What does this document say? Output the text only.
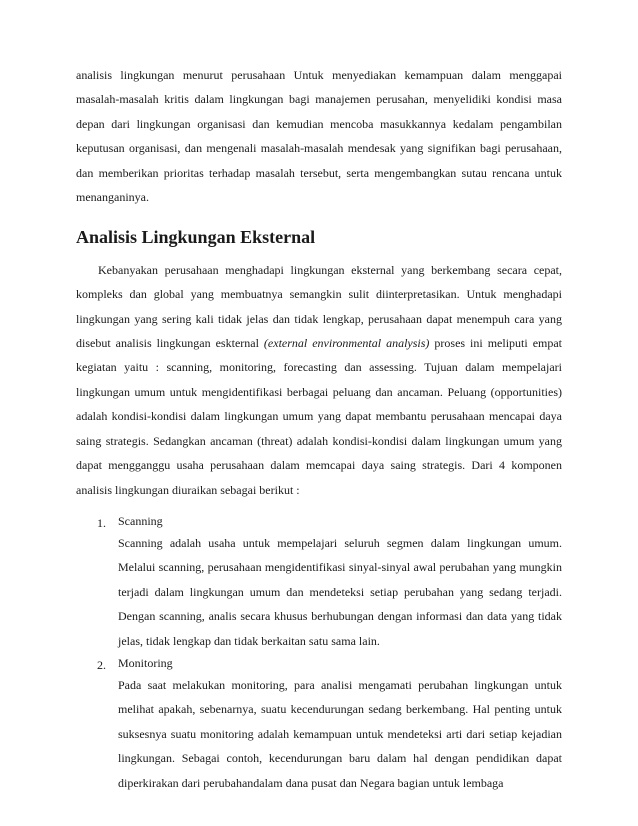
analisis lingkungan menurut perusahaan Untuk menyediakan kemampuan dalam menggapai masalah-masalah kritis dalam lingkungan bagi manajemen perusahan, menyelidiki kondisi masa depan dari lingkungan organisasi dan kemudian mencoba masukkannya kedalam pengambilan keputusan organisasi, dan mengenali masalah-masalah mendesak yang signifikan bagi perusahaan, dan memberikan prioritas terhadap masalah tersebut, serta mengembangkan sutau rencana untuk menanganinya.

Analisis Lingkungan Eksternal

Kebanyakan perusahaan menghadapi lingkungan eksternal yang berkembang secara cepat, kompleks dan global yang membuatnya semangkin sulit diinterpretasikan. Untuk menghadapi lingkungan yang sering kali tidak jelas dan tidak lengkap, perusahaan dapat menempuh cara yang disebut analisis lingkungan eskternal (external environmental analysis) proses ini meliputi empat kegiatan yaitu : scanning, monitoring, forecasting dan assessing. Tujuan dalam mempelajari lingkungan umum untuk mengidentifikasi berbagai peluang dan ancaman. Peluang (opportunities) adalah kondisi-kondisi dalam lingkungan umum yang dapat membantu perusahaan mencapai daya saing strategis. Sedangkan ancaman (threat) adalah kondisi-kondisi dalam lingkungan umum yang dapat mengganggu usaha perusahaan dalam memcapai daya saing strategis. Dari 4 komponen analisis lingkungan diuraikan sebagai berikut :

1. Scanning

Scanning adalah usaha untuk mempelajari seluruh segmen dalam lingkungan umum. Melalui scanning, perusahaan mengidentifikasi sinyal-sinyal awal perubahan yang mungkin terjadi dalam lingkungan umum dan mendeteksi setiap perubahan yang sedang terjadi. Dengan scanning, analis secara khusus berhubungan dengan informasi dan data yang tidak jelas, tidak lengkap dan tidak berkaitan satu sama lain.

2. Monitoring

Pada saat melakukan monitoring, para analisi mengamati perubahan lingkungan untuk melihat apakah, sebenarnya, suatu kecendurungan sedang berkembang. Hal penting untuk suksesnya suatu monitoring adalah kemampuan untuk mendeteksi arti dari setiap kejadian lingkungan. Sebagai contoh, kecendurungan baru dalam hal dengan pendidikan dapat diperkirakan dari perubahandalam dana pusat dan Negara bagian untuk lembaga
